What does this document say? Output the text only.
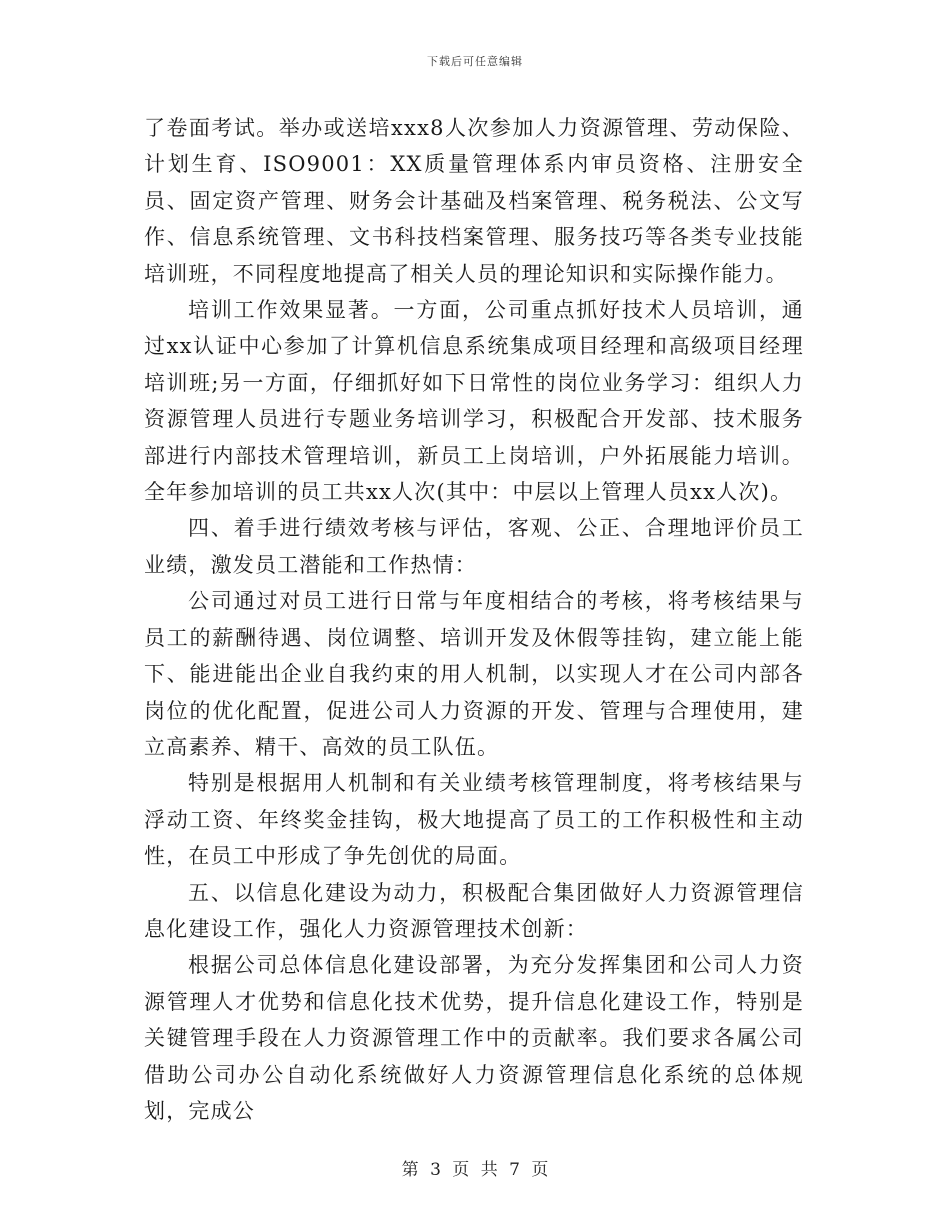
下载后可任意编辑

了卷面考试。举办或送培xxx8人次参加人力资源管理、劳动保险、计划生育、ISO9001：XX质量管理体系内审员资格、注册安全员、固定资产管理、财务会计基础及档案管理、税务税法、公文写作、信息系统管理、文书科技档案管理、服务技巧等各类专业技能培训班，不同程度地提高了相关人员的理论知识和实际操作能力。

培训工作效果显著。一方面，公司重点抓好技术人员培训，通过xx认证中心参加了计算机信息系统集成项目经理和高级项目经理培训班;另一方面，仔细抓好如下日常性的岗位业务学习：组织人力资源管理人员进行专题业务培训学习，积极配合开发部、技术服务部进行内部技术管理培训，新员工上岗培训，户外拓展能力培训。全年参加培训的员工共xx人次(其中：中层以上管理人员xx人次)。

四、着手进行绩效考核与评估，客观、公正、合理地评价员工业绩，激发员工潜能和工作热情：

公司通过对员工进行日常与年度相结合的考核，将考核结果与员工的薪酬待遇、岗位调整、培训开发及休假等挂钩，建立能上能下、能进能出企业自我约束的用人机制，以实现人才在公司内部各岗位的优化配置，促进公司人力资源的开发、管理与合理使用，建立高素养、精干、高效的员工队伍。

特别是根据用人机制和有关业绩考核管理制度，将考核结果与浮动工资、年终奖金挂钩，极大地提高了员工的工作积极性和主动性，在员工中形成了争先创优的局面。

五、以信息化建设为动力，积极配合集团做好人力资源管理信息化建设工作，强化人力资源管理技术创新：

根据公司总体信息化建设部署，为充分发挥集团和公司人力资源管理人才优势和信息化技术优势，提升信息化建设工作，特别是关键管理手段在人力资源管理工作中的贡献率。我们要求各属公司借助公司办公自动化系统做好人力资源管理信息化系统的总体规划，完成公

第 3 页 共 7 页
